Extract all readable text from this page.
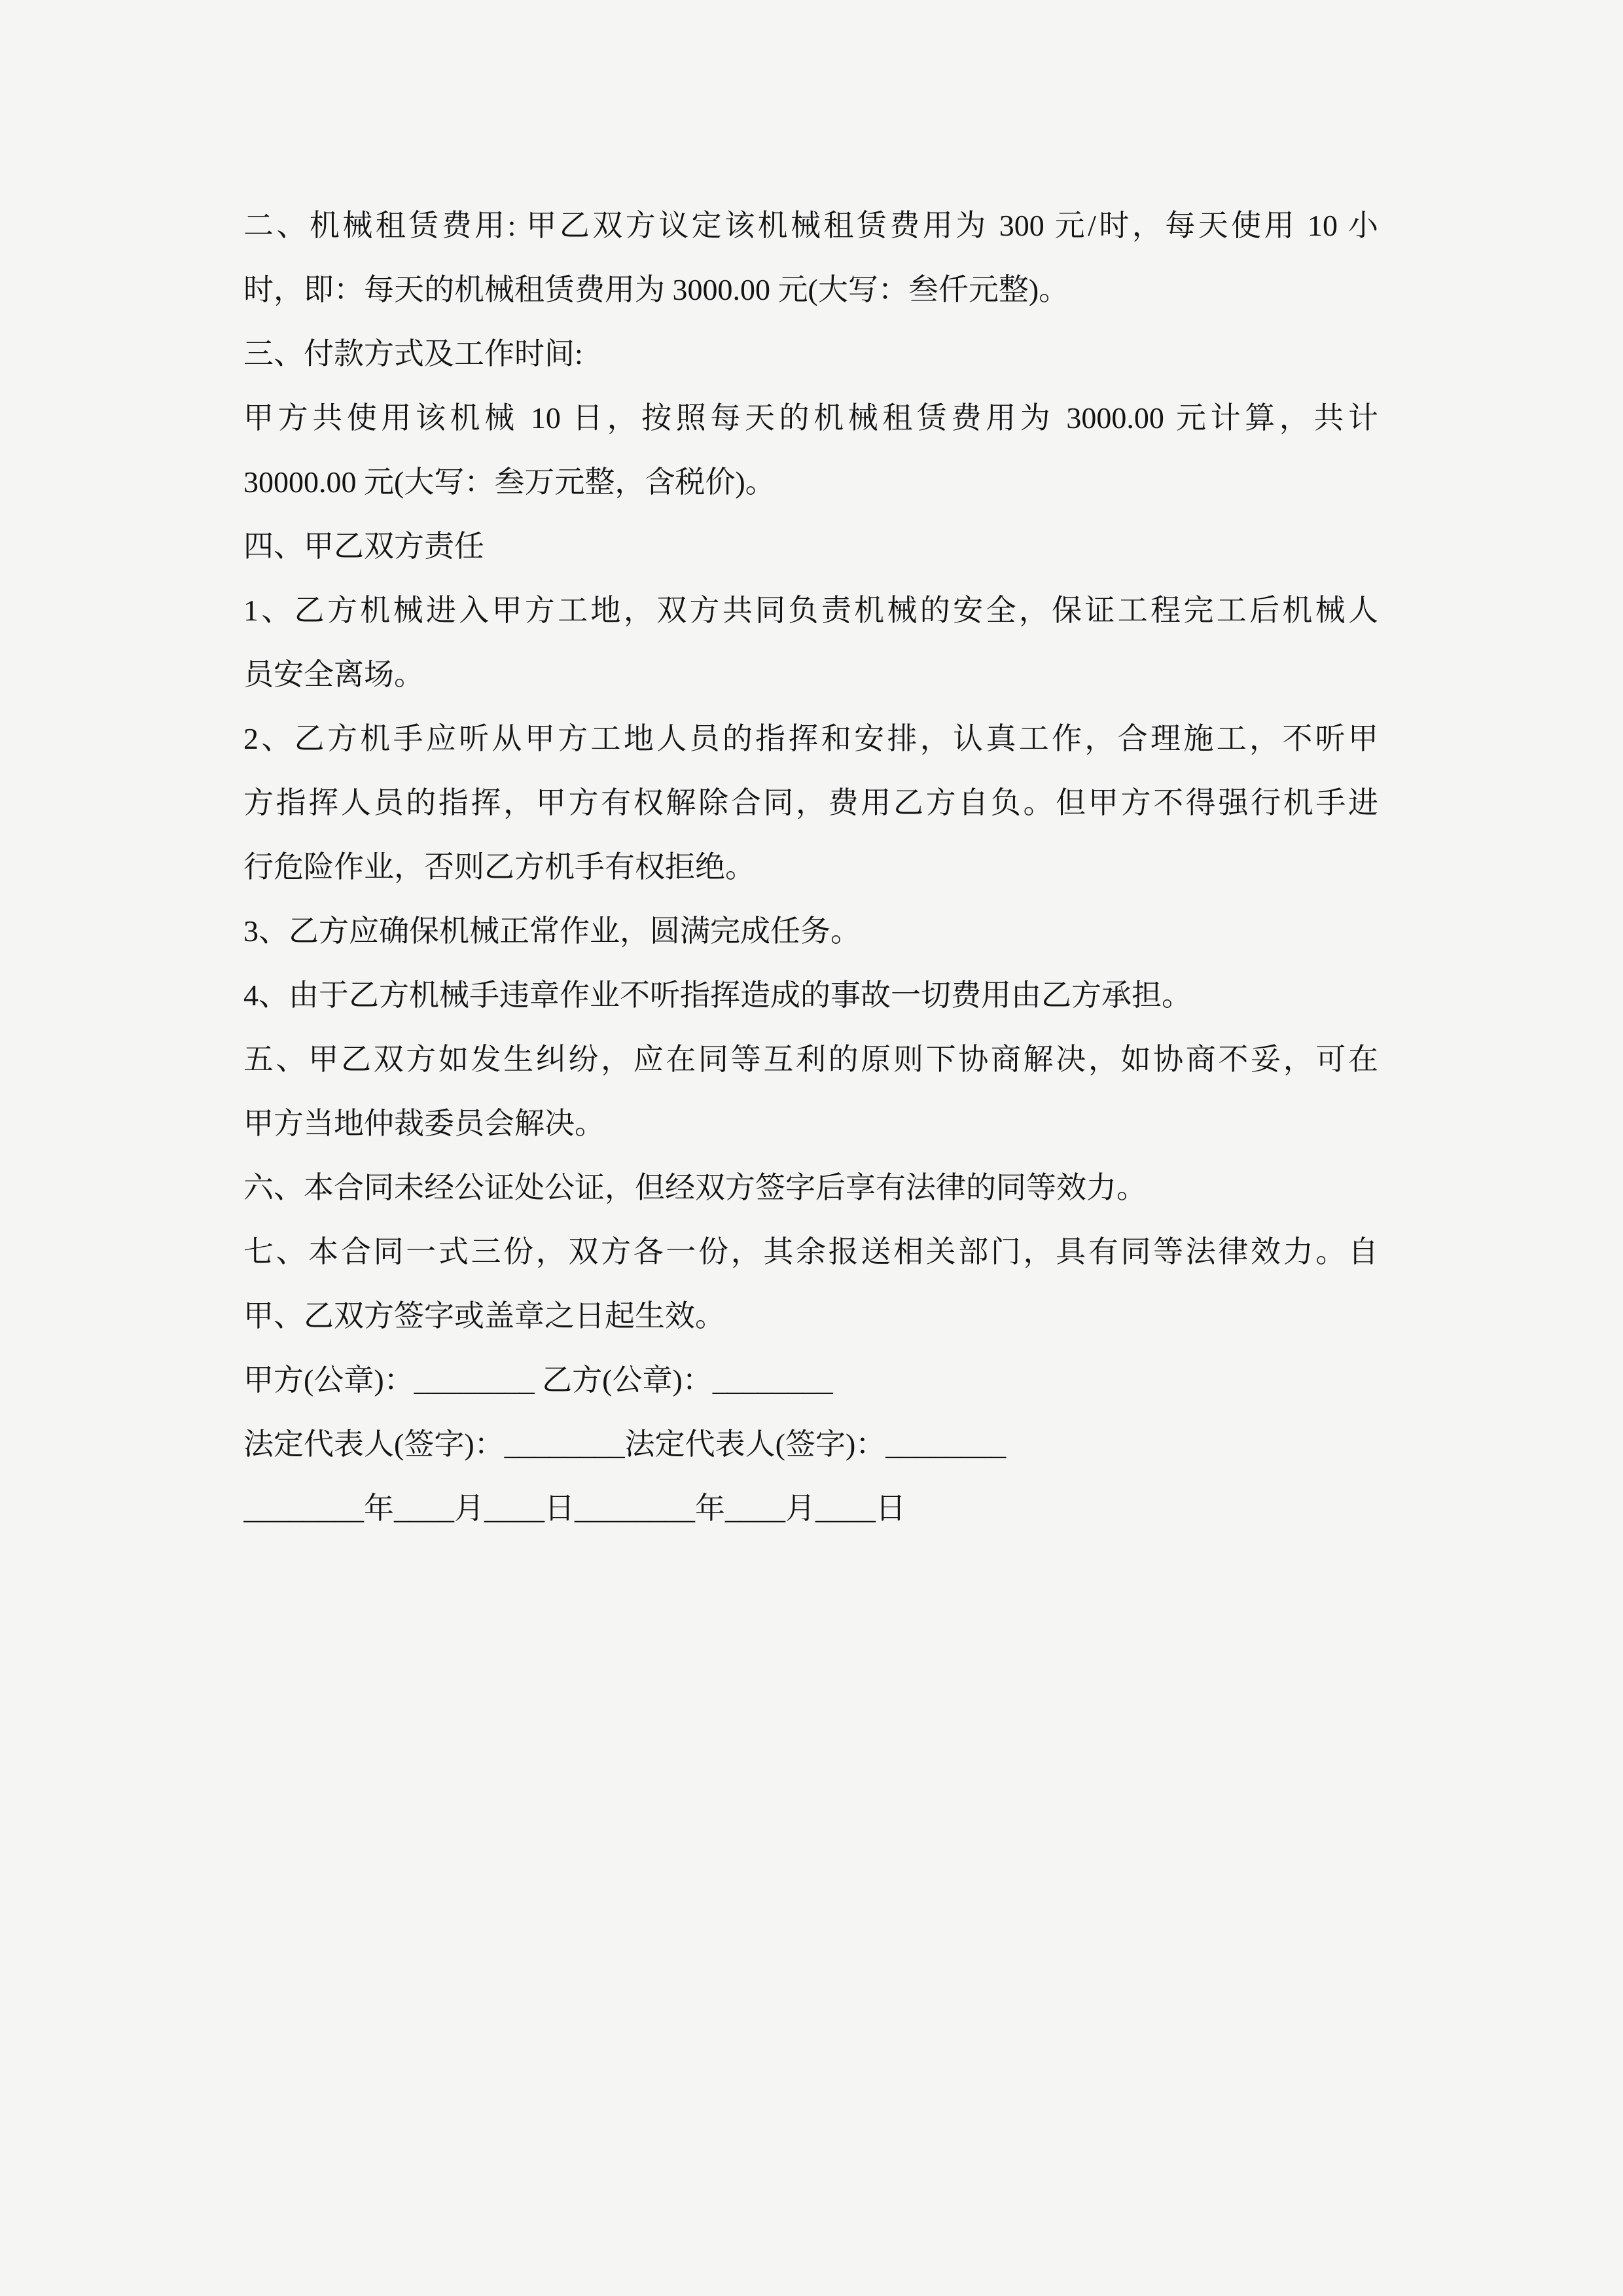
二、机械租赁费用: 甲乙双方议定该机械租赁费用为 300 元/时，每天使用 10 小
时，即：每天的机械租赁费用为 3000.00 元(大写：叁仟元整)。
三、付款方式及工作时间:
甲方共使用该机械 10 日，按照每天的机械租赁费用为 3000.00 元计算，共计
30000.00 元(大写：叁万元整，含税价)。
四、甲乙双方责任
1、乙方机械进入甲方工地，双方共同负责机械的安全，保证工程完工后机械人
员安全离场。
2、乙方机手应听从甲方工地人员的指挥和安排，认真工作，合理施工，不听甲
方指挥人员的指挥，甲方有权解除合同，费用乙方自负。但甲方不得强行机手进
行危险作业，否则乙方机手有权拒绝。
3、乙方应确保机械正常作业，圆满完成任务。
4、由于乙方机械手违章作业不听指挥造成的事故一切费用由乙方承担。
五、甲乙双方如发生纠纷，应在同等互利的原则下协商解决，如协商不妥，可在
甲方当地仲裁委员会解决。
六、本合同未经公证处公证，但经双方签字后享有法律的同等效力。
七、本合同一式三份，双方各一份，其余报送相关部门，具有同等法律效力。自
甲、乙双方签字或盖章之日起生效。
甲方(公章)：________ 乙方(公章)：________
法定代表人(签字)：________法定代表人(签字)：________
________年____月____日________年____月____日
